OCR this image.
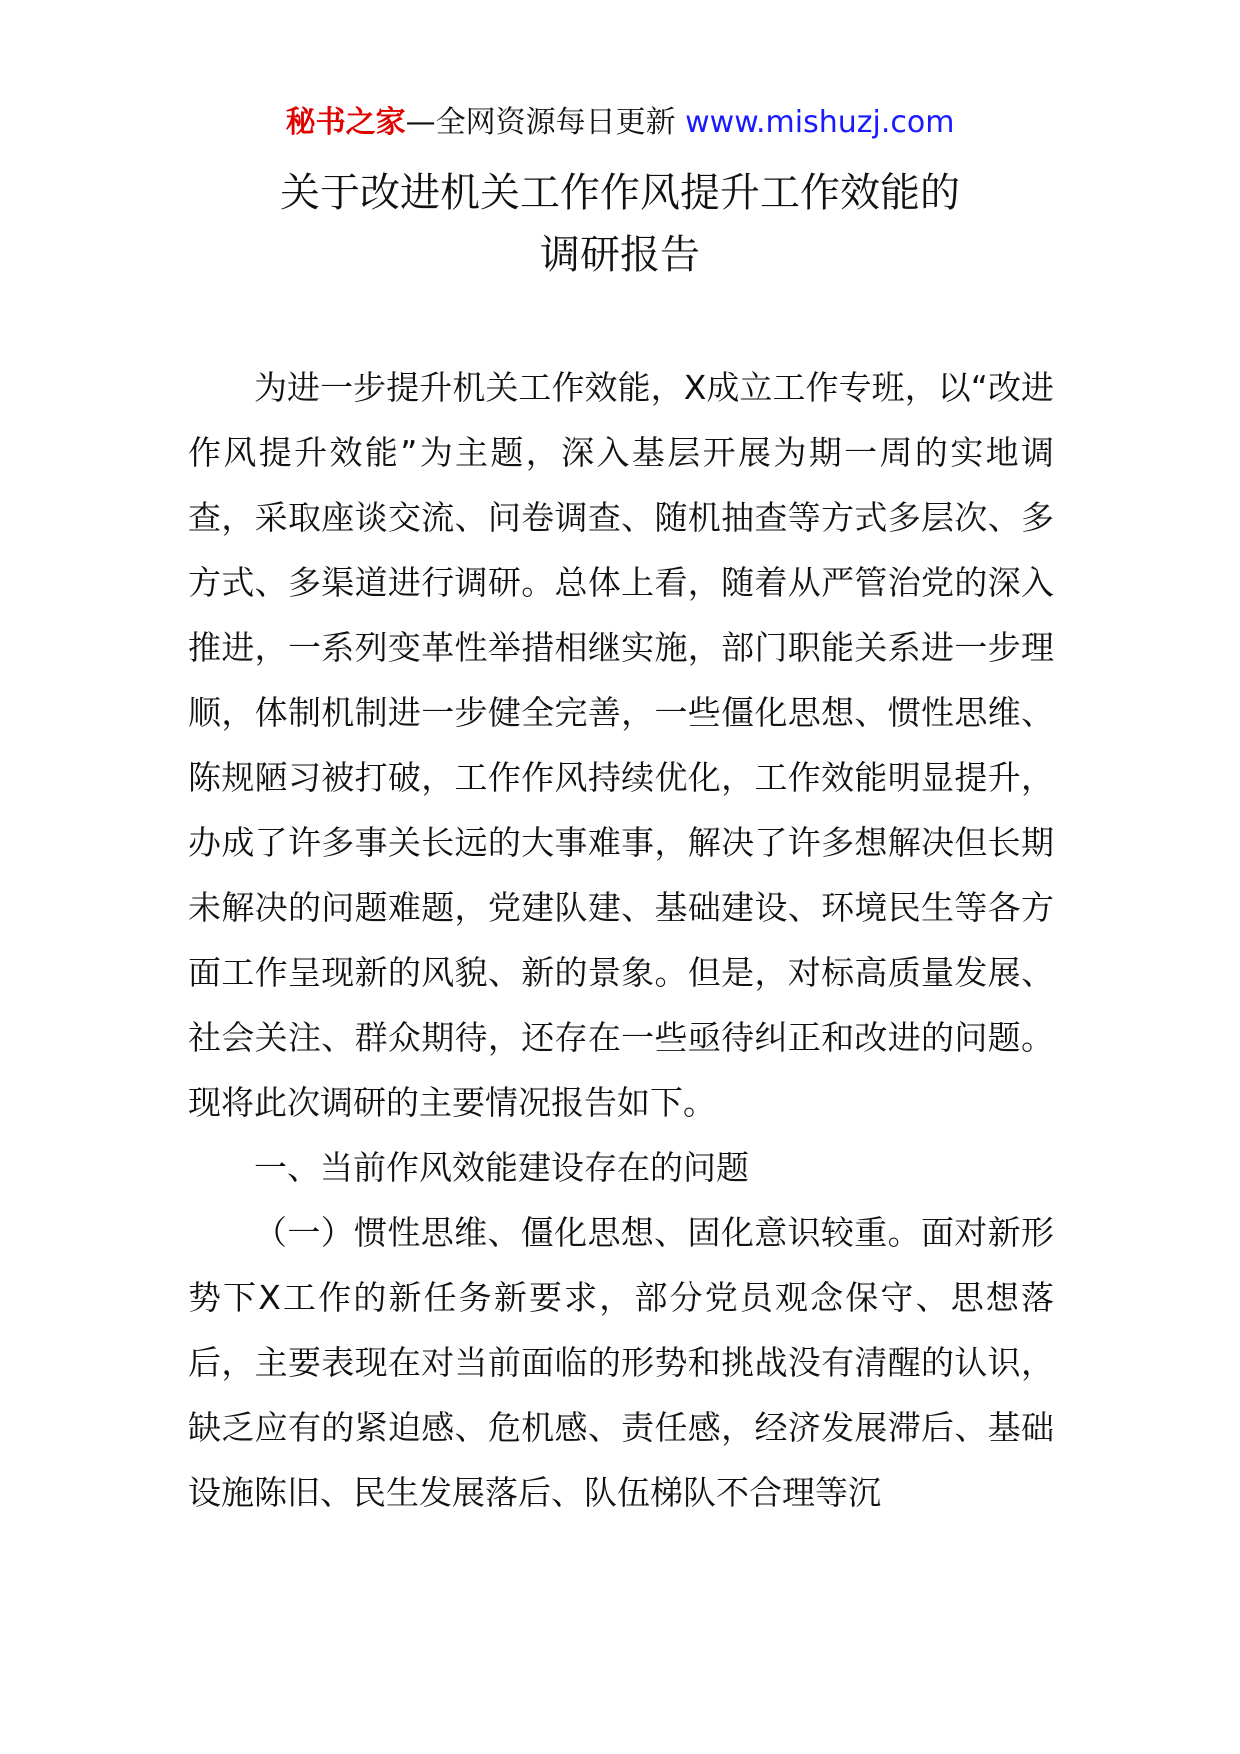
秘书之家—全网资源每日更新 www.mishuzj.com
关于改进机关工作作风提升工作效能的
调研报告

为进一步提升机关工作效能，X成立工作专班，以“改进作风提升效能”为主题，深入基层开展为期一周的实地调查，采取座谈交流、问卷调查、随机抽查等方式多层次、多方式、多渠道进行调研。总体上看，随着从严管治党的深入推进，一系列变革性举措相继实施，部门职能关系进一步理顺，体制机制进一步健全完善，一些僵化思想、惯性思维、陈规陋习被打破，工作作风持续优化，工作效能明显提升，办成了许多事关长远的大事难事，解决了许多想解决但长期未解决的问题难题，党建队建、基础建设、环境民生等各方面工作呈现新的风貌、新的景象。但是，对标高质量发展、社会关注、群众期待，还存在一些亟待纠正和改进的问题。现将此次调研的主要情况报告如下。

一、当前作风效能建设存在的问题

（一）惯性思维、僵化思想、固化意识较重。面对新形势下X工作的新任务新要求，部分党员观念保守、思想落后，主要表现在对当前面临的形势和挑战没有清醒的认识，缺乏应有的紧迫感、危机感、责任感，经济发展滞后、基础设施陈旧、民生发展落后、队伍梯队不合理等沉
